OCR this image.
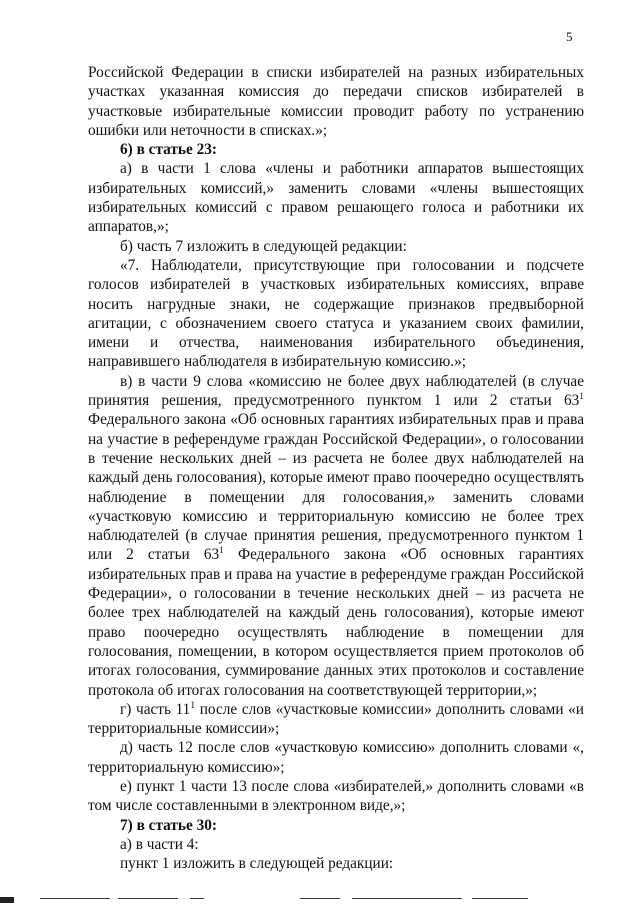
5

Российской Федерации в списки избирателей на разных избирательных участках указанная комиссия до передачи списков избирателей в участковые избирательные комиссии проводит работу по устранению ошибки или неточности в списках.»;

6) в статье 23:

а) в части 1 слова «члены и работники аппаратов вышестоящих избирательных комиссий,» заменить словами «члены вышестоящих избирательных комиссий с правом решающего голоса и работники их аппаратов,»;

б) часть 7 изложить в следующей редакции:

«7. Наблюдатели, присутствующие при голосовании и подсчете голосов избирателей в участковых избирательных комиссиях, вправе носить нагрудные знаки, не содержащие признаков предвыборной агитации, с обозначением своего статуса и указанием своих фамилии, имени и отчества, наименования избирательного объединения, направившего наблюдателя в избирательную комиссию.»;

в) в части 9 слова «комиссию не более двух наблюдателей (в случае принятия решения, предусмотренного пунктом 1 или 2 статьи $63^1$ Федерального закона «Об основных гарантиях избирательных прав и права на участие в референдуме граждан Российской Федерации», о голосовании в течение нескольких дней – из расчета не более двух наблюдателей на каждый день голосования), которые имеют право поочередно осуществлять наблюдение в помещении для голосования,» заменить словами «участковую комиссию и территориальную комиссию не более трех наблюдателей (в случае принятия решения, предусмотренного пунктом 1 или 2 статьи $63^1$ Федерального закона «Об основных гарантиях избирательных прав и права на участие в референдуме граждан Российской Федерации», о голосовании в течение нескольких дней – из расчета не более трех наблюдателей на каждый день голосования), которые имеют право поочередно осуществлять наблюдение в помещении для голосования, помещении, в котором осуществляется прием протоколов об итогах голосования, суммирование данных этих протоколов и составление протокола об итогах голосования на соответствующей территории,»;

г) часть $11^1$ после слов «участковые комиссии» дополнить словами «и территориальные комиссии»;

д) часть 12 после слов «участковую комиссию» дополнить словами «, территориальную комиссию»;

е) пункт 1 части 13 после слова «избирателей,» дополнить словами «в том числе составленными в электронном виде,»;

7) в статье 30:

а) в части 4:

пункт 1 изложить в следующей редакции:
